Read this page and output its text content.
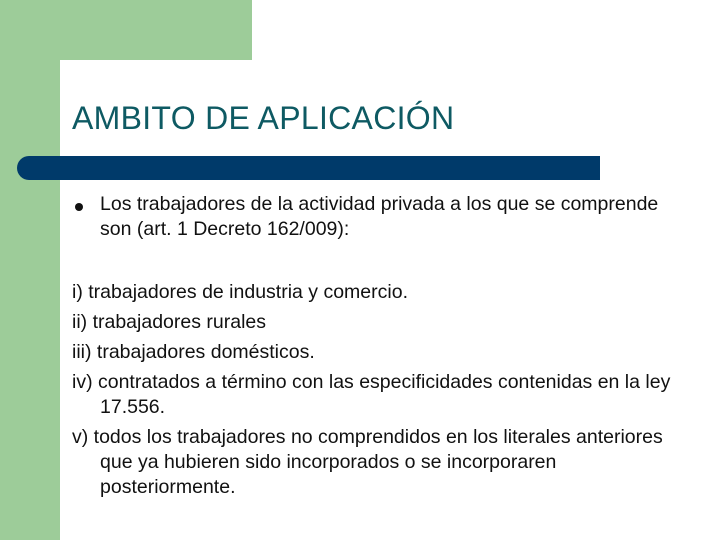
AMBITO DE APLICACIÓN
Los trabajadores de la actividad privada a los que se comprende son (art. 1 Decreto 162/009):
i) trabajadores de industria y comercio.
ii) trabajadores rurales
iii) trabajadores domésticos.
iv) contratados a término con las especificidades contenidas en la ley 17.556.
v) todos los trabajadores no comprendidos en los literales anteriores que ya hubieren sido incorporados o se incorporaren posteriormente.
